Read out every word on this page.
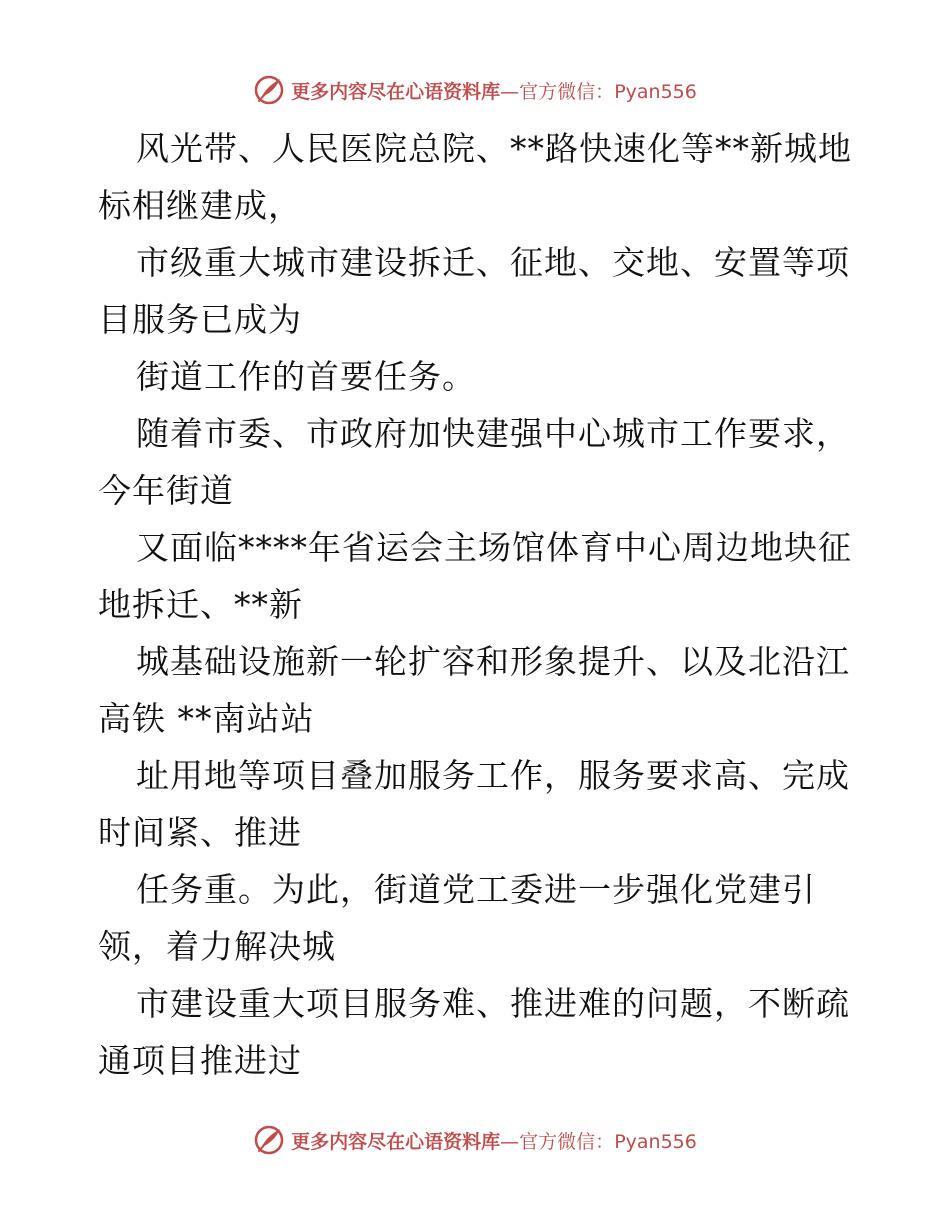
更多内容尽在心语资料库—官方微信：Pyan556

风光带、人民医院总院、**路快速化等**新城地标相继建成，

市级重大城市建设拆迁、征地、交地、安置等项目服务已成为

街道工作的首要任务。

随着市委、市政府加快建强中心城市工作要求，今年街道

又面临****年省运会主场馆体育中心周边地块征地拆迁、**新

城基础设施新一轮扩容和形象提升、以及北沿江高铁 **南站站

址用地等项目叠加服务工作，服务要求高、完成时间紧、推进

任务重。为此，街道党工委进一步强化党建引领，着力解决城

市建设重大项目服务难、推进难的问题，不断疏通项目推进过

更多内容尽在心语资料库—官方微信：Pyan556
